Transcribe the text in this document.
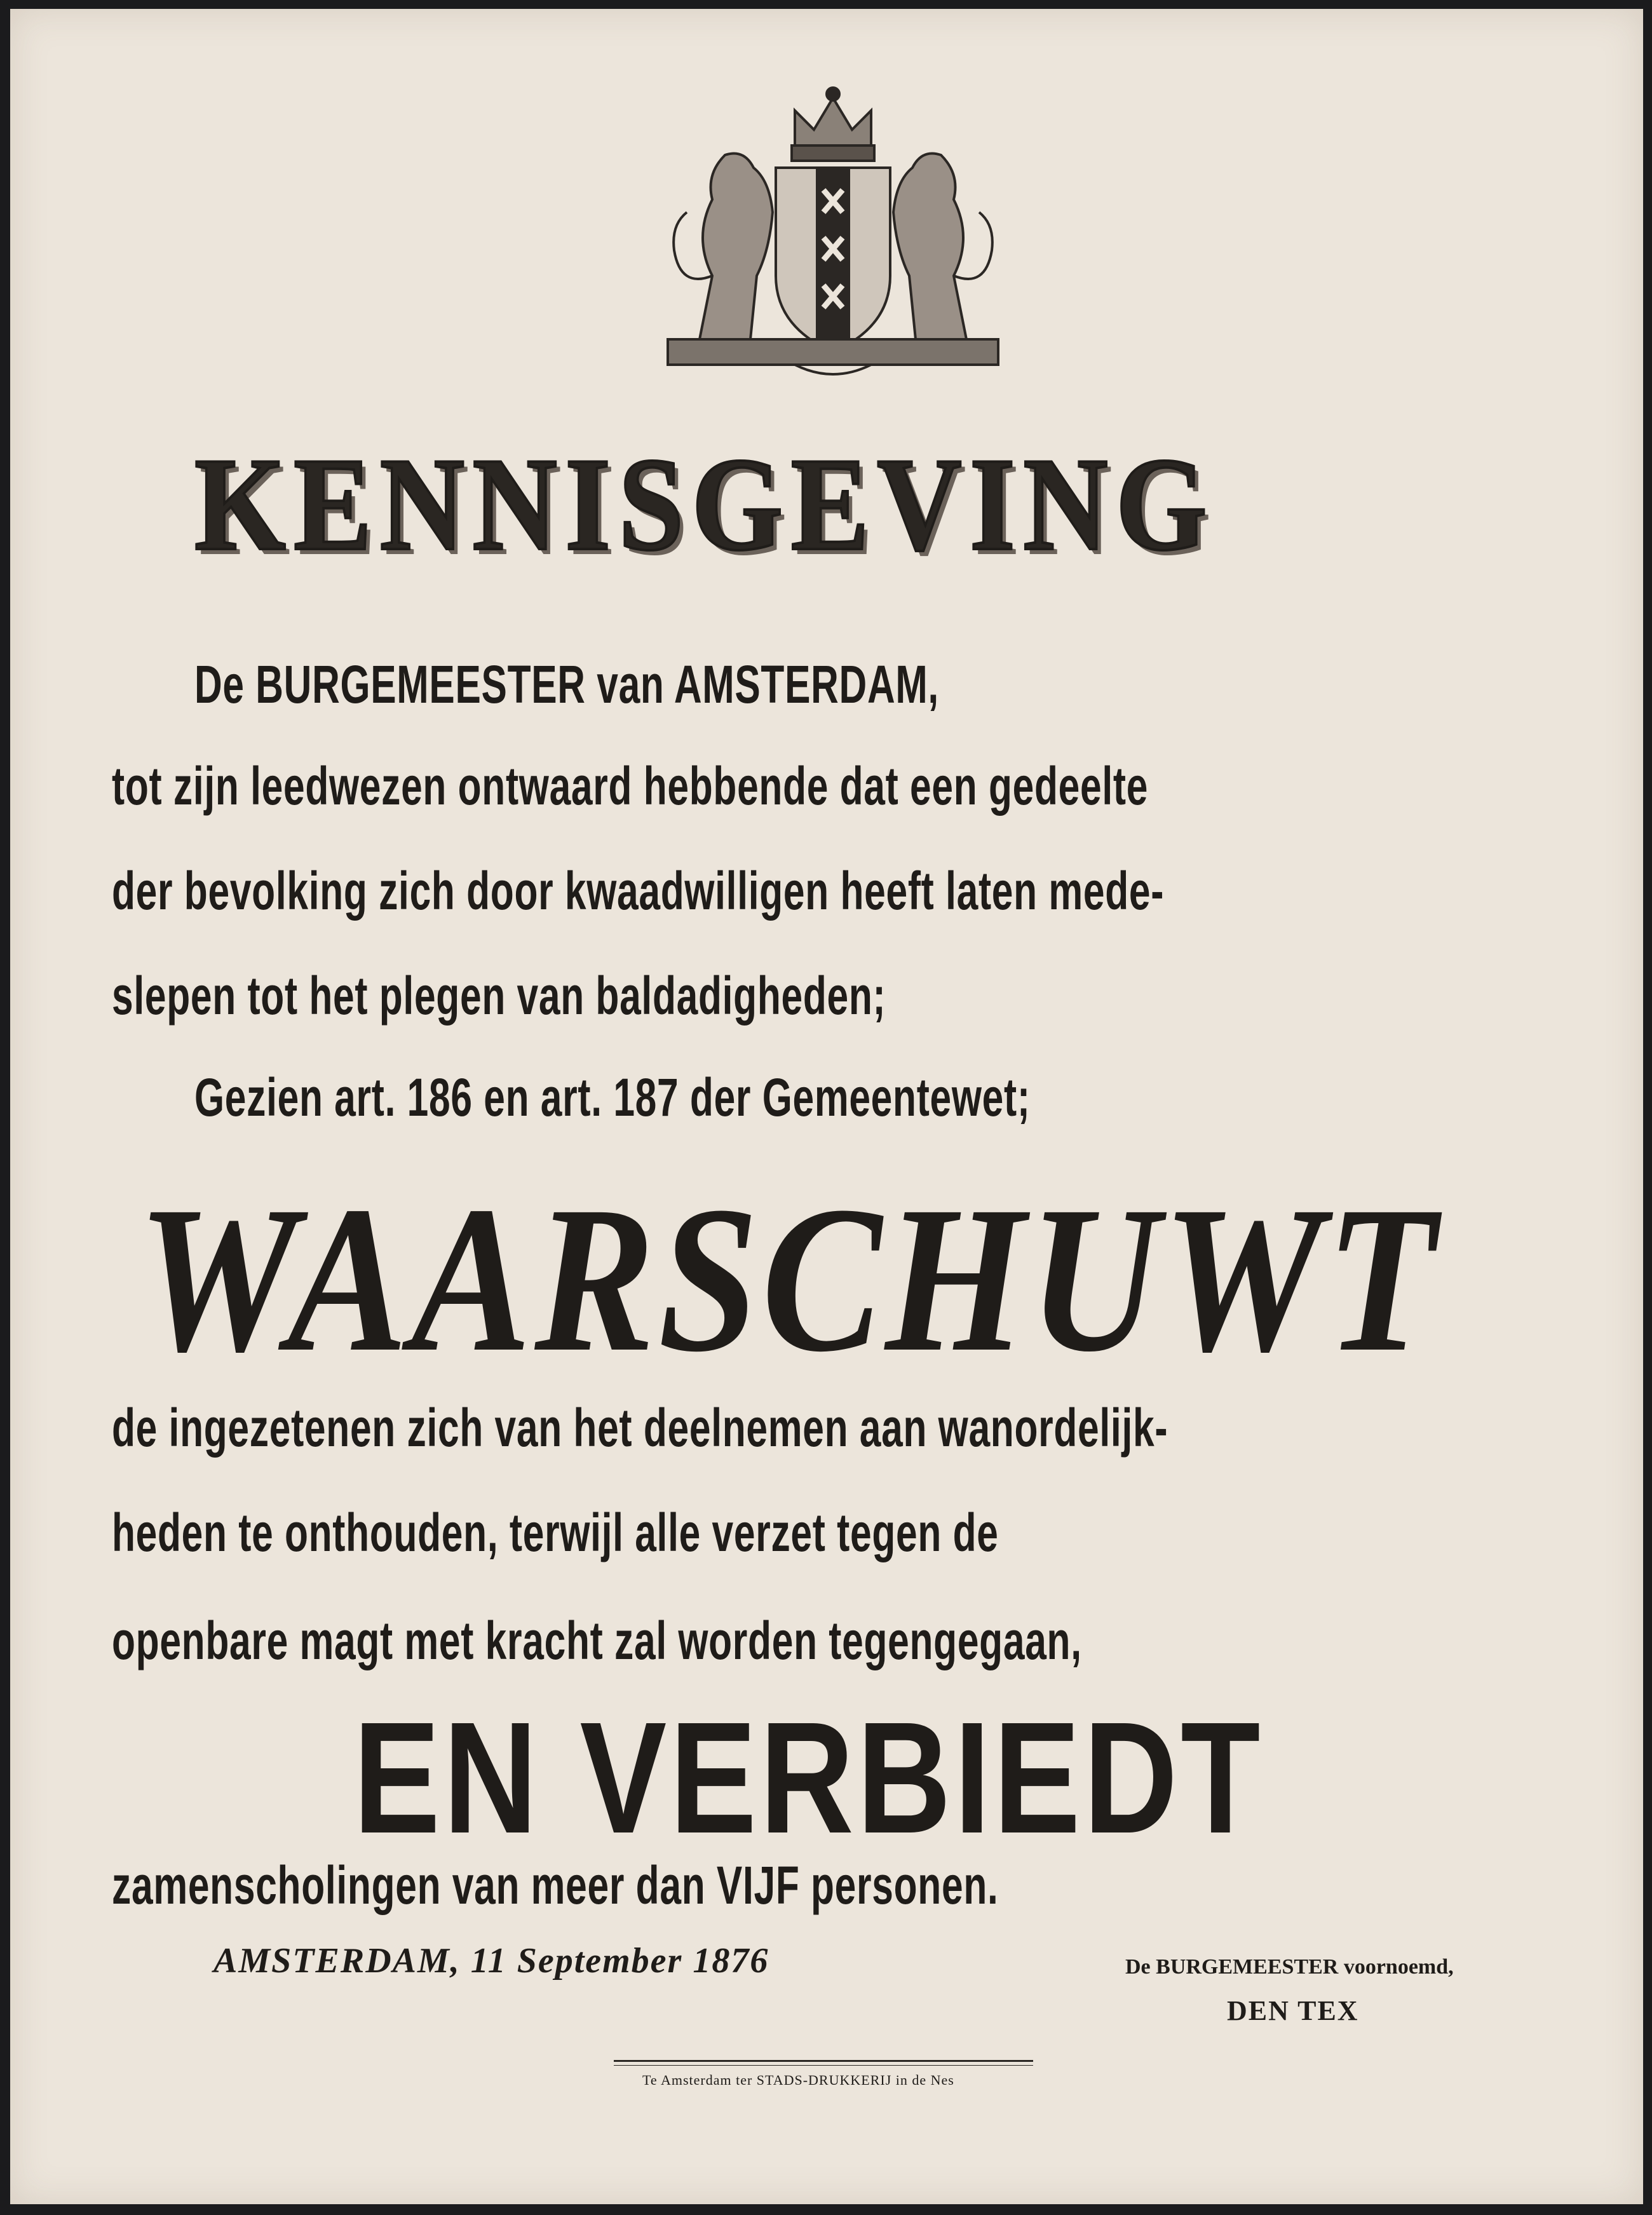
KENNISGEVING
De BURGEMEESTER van AMSTERDAM,
tot zijn leedwezen ontwaard hebbende dat een gedeelte
der bevolking zich door kwaadwilligen heeft laten mede-
slepen tot het plegen van baldadigheden;
Gezien art. 186 en art. 187 der Gemeentewet;
WAARSCHUWT
de ingezetenen zich van het deelnemen aan wanordelijk-
heden te onthouden, terwijl alle verzet tegen de
openbare magt met kracht zal worden tegengegaan,
EN VERBIEDT
zamenscholingen van meer dan VIJF personen.
AMSTERDAM, 11 September 1876	De BURGEMEESTER voornoemd,
DEN TEX
Te Amsterdam ter STADS-DRUKKERIJ in de Nes
